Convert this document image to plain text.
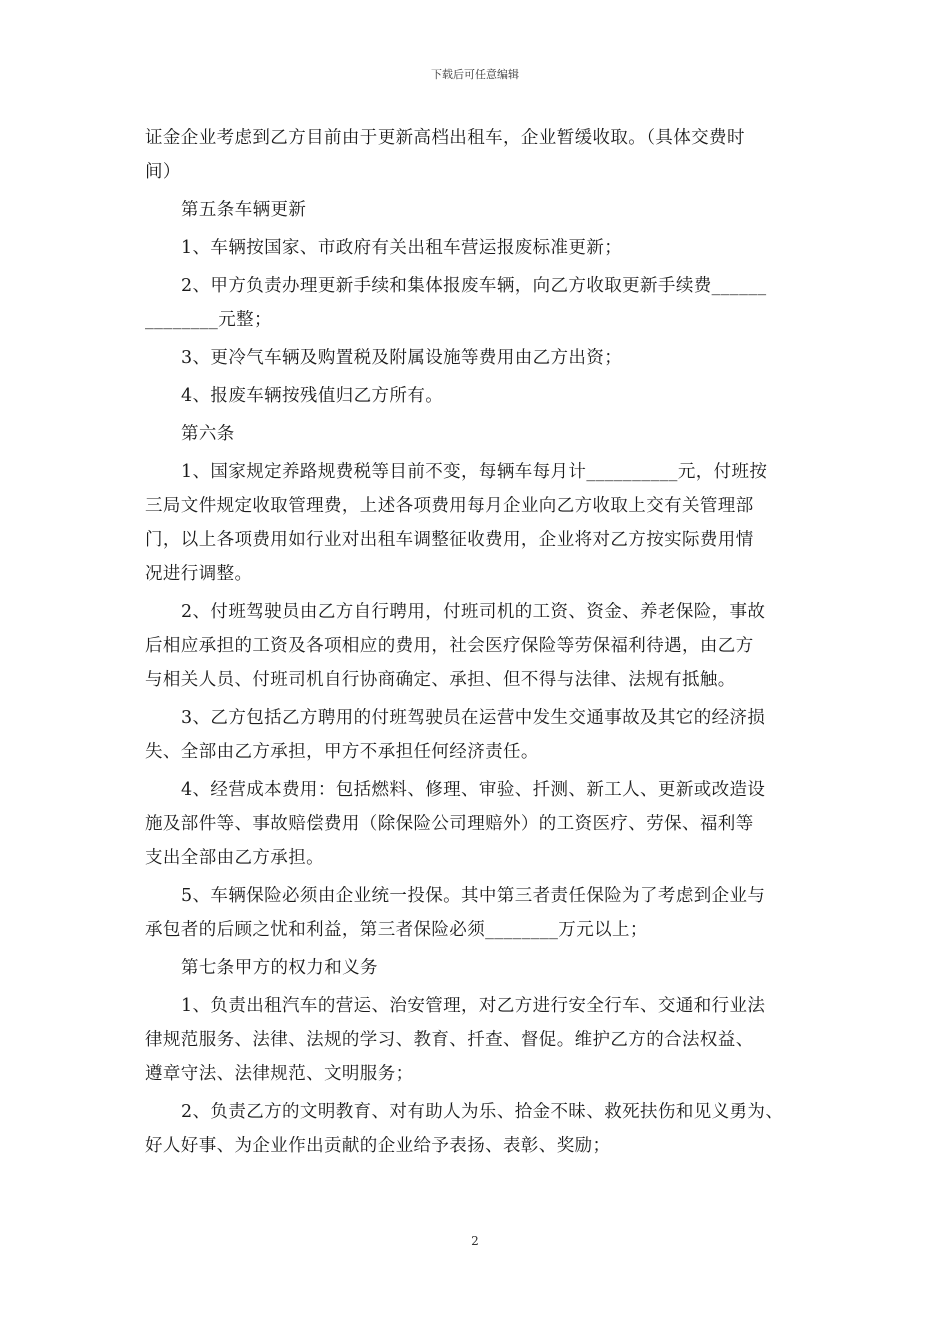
下载后可任意编辑
证金企业考虑到乙方目前由于更新高档出租车，企业暂缓收取。（具体交费时
间）
第五条车辆更新
1、车辆按国家、市政府有关出租车营运报废标准更新；
2、甲方负责办理更新手续和集体报废车辆，向乙方收取更新手续费______
________元整；
3、更冷气车辆及购置税及附属设施等费用由乙方出资；
4、报废车辆按残值归乙方所有。
第六条
1、国家规定养路规费税等目前不变，每辆车每月计__________元，付班按
三局文件规定收取管理费，上述各项费用每月企业向乙方收取上交有关管理部
门，以上各项费用如行业对出租车调整征收费用，企业将对乙方按实际费用情
况进行调整。
2、付班驾驶员由乙方自行聘用，付班司机的工资、资金、养老保险，事故
后相应承担的工资及各项相应的费用，社会医疗保险等劳保福利待遇，由乙方
与相关人员、付班司机自行协商确定、承担、但不得与法律、法规有抵触。
3、乙方包括乙方聘用的付班驾驶员在运营中发生交通事故及其它的经济损
失、全部由乙方承担，甲方不承担任何经济责任。
4、经营成本费用：包括燃料、修理、审验、扦测、新工人、更新或改造设
施及部件等、事故赔偿费用（除保险公司理赔外）的工资医疗、劳保、福利等
支出全部由乙方承担。
5、车辆保险必须由企业统一投保。其中第三者责任保险为了考虑到企业与
承包者的后顾之忧和利益，第三者保险必须________万元以上；
第七条甲方的权力和义务
1、负责出租汽车的营运、治安管理，对乙方进行安全行车、交通和行业法
律规范服务、法律、法规的学习、教育、扦查、督促。维护乙方的合法权益、
遵章守法、法律规范、文明服务；
2、负责乙方的文明教育、对有助人为乐、拾金不昧、救死扶伤和见义勇为、
好人好事、为企业作出贡献的企业给予表扬、表彰、奖励；
2
